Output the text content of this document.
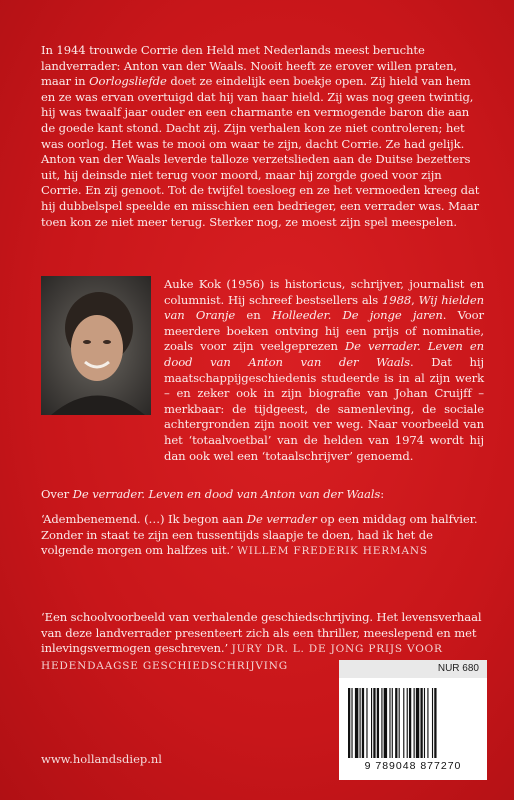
In 1944 trouwde Corrie den Held met Nederlands meest beruchte landverrader: Anton van der Waals. Nooit heeft ze erover willen praten, maar in Oorlogsliefde doet ze eindelijk een boekje open. Zij hield van hem en ze was ervan overtuigd dat hij van haar hield. Zij was nog geen twintig, hij was twaalf jaar ouder en een charmante en vermogende baron die aan de goede kant stond. Dacht zij. Zijn verhalen kon ze niet controleren; het was oorlog. Het was te mooi om waar te zijn, dacht Corrie. Ze had gelijk.

Anton van der Waals leverde talloze verzetslieden aan de Duitse bezetters uit, hij deinsde niet terug voor moord, maar hij zorgde goed voor zijn Corrie. En zij genoot. Tot de twijfel toesloeg en ze het vermoeden kreeg dat hij dubbelspel speelde en misschien een bedrieger, een verrader was. Maar toen kon ze niet meer terug. Sterker nog, ze moest zijn spel meespelen.

Auke Kok (1956) is historicus, schrijver, journalist en columnist. Hij schreef bestsellers als 1988, Wij hielden van Oranje en Holleeder. De jonge jaren. Voor meerdere boeken ontving hij een prijs of nominatie, zoals voor zijn veelgeprezen De verrader. Leven en dood van Anton van der Waals. Dat hij maatschappijgeschiedenis studeerde is in al zijn werk – en zeker ook in zijn biografie van Johan Cruijff – merkbaar: de tijdgeest, de samenleving, de sociale achtergronden zijn nooit ver weg. Naar voorbeeld van het ‘totaalvoetbal’ van de helden van 1974 wordt hij dan ook wel een ‘totaalschrijver’ genoemd.

Over De verrader. Leven en dood van Anton van der Waals:

‘Adembenemend. (…) Ik begon aan De verrader op een middag om halfvier. Zonder in staat te zijn een tussentijds slaapje te doen, had ik het de volgende morgen om halfzes uit.’ WILLEM FREDERIK HERMANS

‘Een schoolvoorbeeld van verhalende geschiedschrijving. Het levensverhaal van deze landverrader presenteert zich als een thriller, meeslepend en met inlevingsvermogen geschreven.’ JURY DR. L. DE JONG PRIJS VOOR HEDENDAAGSE GESCHIEDSCHRIJVING

www.hollandsdiep.nl
NUR 680
9 789048 877270
